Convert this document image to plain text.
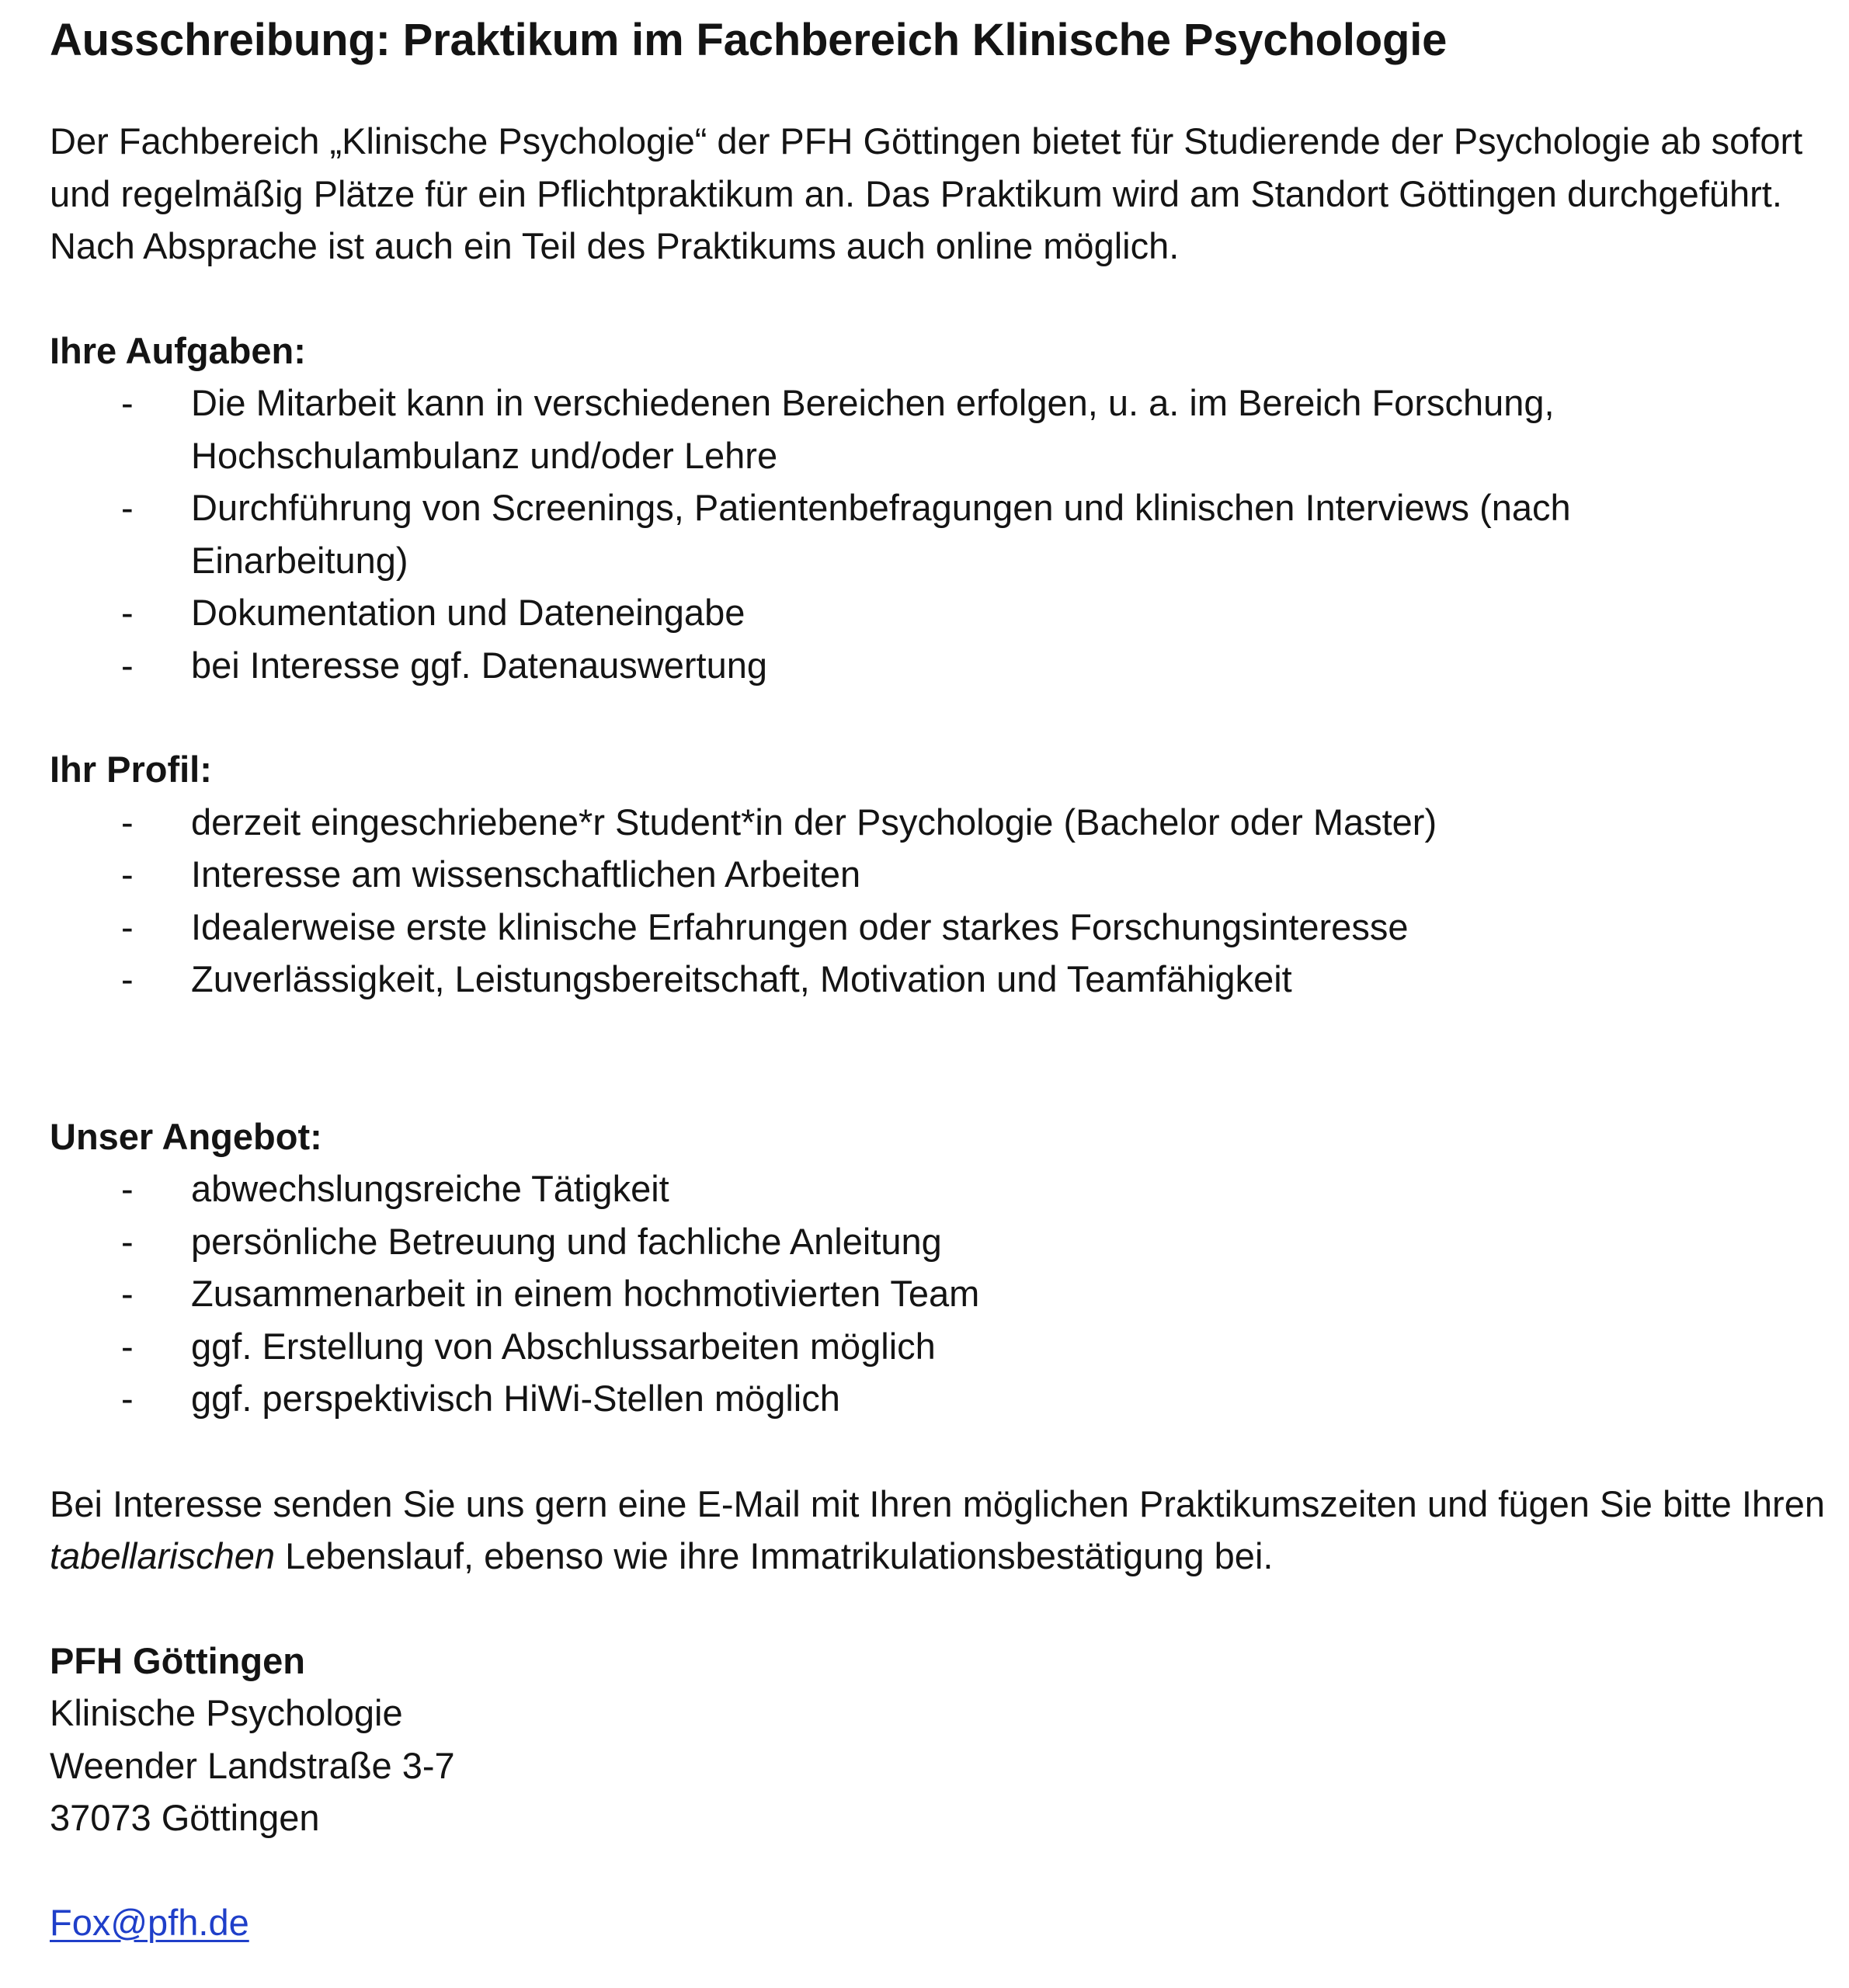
Ausschreibung: Praktikum im Fachbereich Klinische Psychologie

Der Fachbereich „Klinische Psychologie“ der PFH Göttingen bietet für Studierende der Psychologie ab sofort und regelmäßig Plätze für ein Pflichtpraktikum an. Das Praktikum wird am Standort Göttingen durchgeführt. Nach Absprache ist auch ein Teil des Praktikums auch online möglich.

Ihre Aufgaben:

- Die Mitarbeit kann in verschiedenen Bereichen erfolgen, u. a. im Bereich Forschung, Hochschulambulanz und/oder Lehre
- Durchführung von Screenings, Patientenbefragungen und klinischen Interviews (nach Einarbeitung)
- Dokumentation und Dateneingabe
- bei Interesse ggf. Datenauswertung

Ihr Profil:

- derzeit eingeschriebene*r Student*in der Psychologie (Bachelor oder Master)
- Interesse am wissenschaftlichen Arbeiten
- Idealerweise erste klinische Erfahrungen oder starkes Forschungsinteresse
- Zuverlässigkeit, Leistungsbereitschaft, Motivation und Teamfähigkeit

Unser Angebot:

- abwechslungsreiche Tätigkeit
- persönliche Betreuung und fachliche Anleitung
- Zusammenarbeit in einem hochmotivierten Team
- ggf. Erstellung von Abschlussarbeiten möglich
- ggf. perspektivisch HiWi-Stellen möglich

Bei Interesse senden Sie uns gern eine E-Mail mit Ihren möglichen Praktikumszeiten und fügen Sie bitte Ihren tabellarischen Lebenslauf, ebenso wie ihre Immatrikulationsbestätigung bei.

PFH Göttingen
Klinische Psychologie
Weender Landstraße 3-7
37073 Göttingen
Fox@pfh.de
